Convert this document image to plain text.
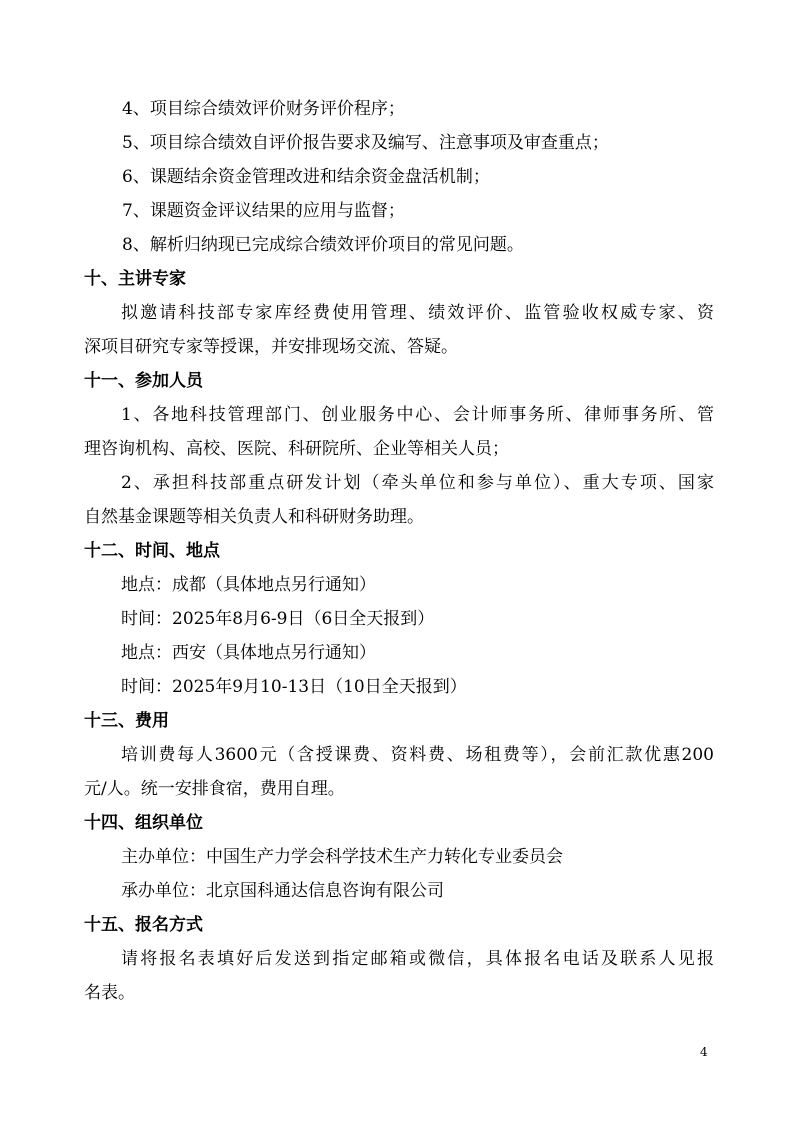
4、项目综合绩效评价财务评价程序；
5、项目综合绩效自评价报告要求及编写、注意事项及审查重点；
6、课题结余资金管理改进和结余资金盘活机制；
7、课题资金评议结果的应用与监督；
8、解析归纳现已完成综合绩效评价项目的常见问题。
十、主讲专家
拟邀请科技部专家库经费使用管理、绩效评价、监管验收权威专家、资
深项目研究专家等授课，并安排现场交流、答疑。
十一、参加人员
1、各地科技管理部门、创业服务中心、会计师事务所、律师事务所、管
理咨询机构、高校、医院、科研院所、企业等相关人员；
2、承担科技部重点研发计划（牵头单位和参与单位）、重大专项、国家
自然基金课题等相关负责人和科研财务助理。
十二、时间、地点
地点：成都（具体地点另行通知）
时间：2025年8月6-9日（6日全天报到）
地点：西安（具体地点另行通知）
时间：2025年9月10-13日（10日全天报到）
十三、费用
培训费每人3600元（含授课费、资料费、场租费等），会前汇款优惠200
元/人。统一安排食宿，费用自理。
十四、组织单位
主办单位：中国生产力学会科学技术生产力转化专业委员会
承办单位：北京国科通达信息咨询有限公司
十五、报名方式
请将报名表填好后发送到指定邮箱或微信，具体报名电话及联系人见报
名表。
4
